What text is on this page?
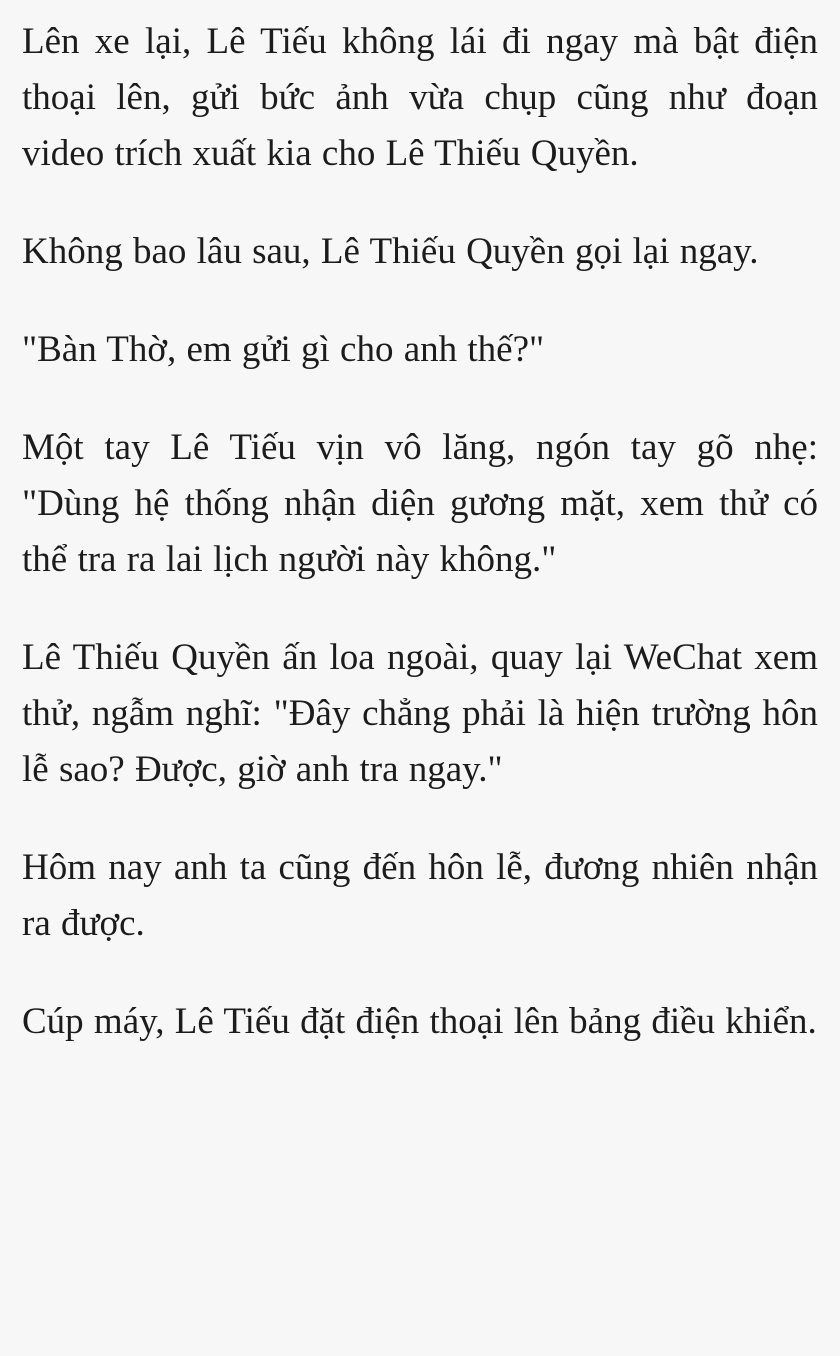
Lên xe lại, Lê Tiếu không lái đi ngay mà bật điện thoại lên, gửi bức ảnh vừa chụp cũng như đoạn video trích xuất kia cho Lê Thiếu Quyền.

Không bao lâu sau, Lê Thiếu Quyền gọi lại ngay.

"Bàn Thờ, em gửi gì cho anh thế?"

Một tay Lê Tiếu vịn vô lăng, ngón tay gõ nhẹ: "Dùng hệ thống nhận diện gương mặt, xem thử có thể tra ra lai lịch người này không."

Lê Thiếu Quyền ấn loa ngoài, quay lại WeChat xem thử, ngẫm nghĩ: "Đây chẳng phải là hiện trường hôn lễ sao? Được, giờ anh tra ngay."

Hôm nay anh ta cũng đến hôn lễ, đương nhiên nhận ra được.

Cúp máy, Lê Tiếu đặt điện thoại lên bảng điều khiển.
